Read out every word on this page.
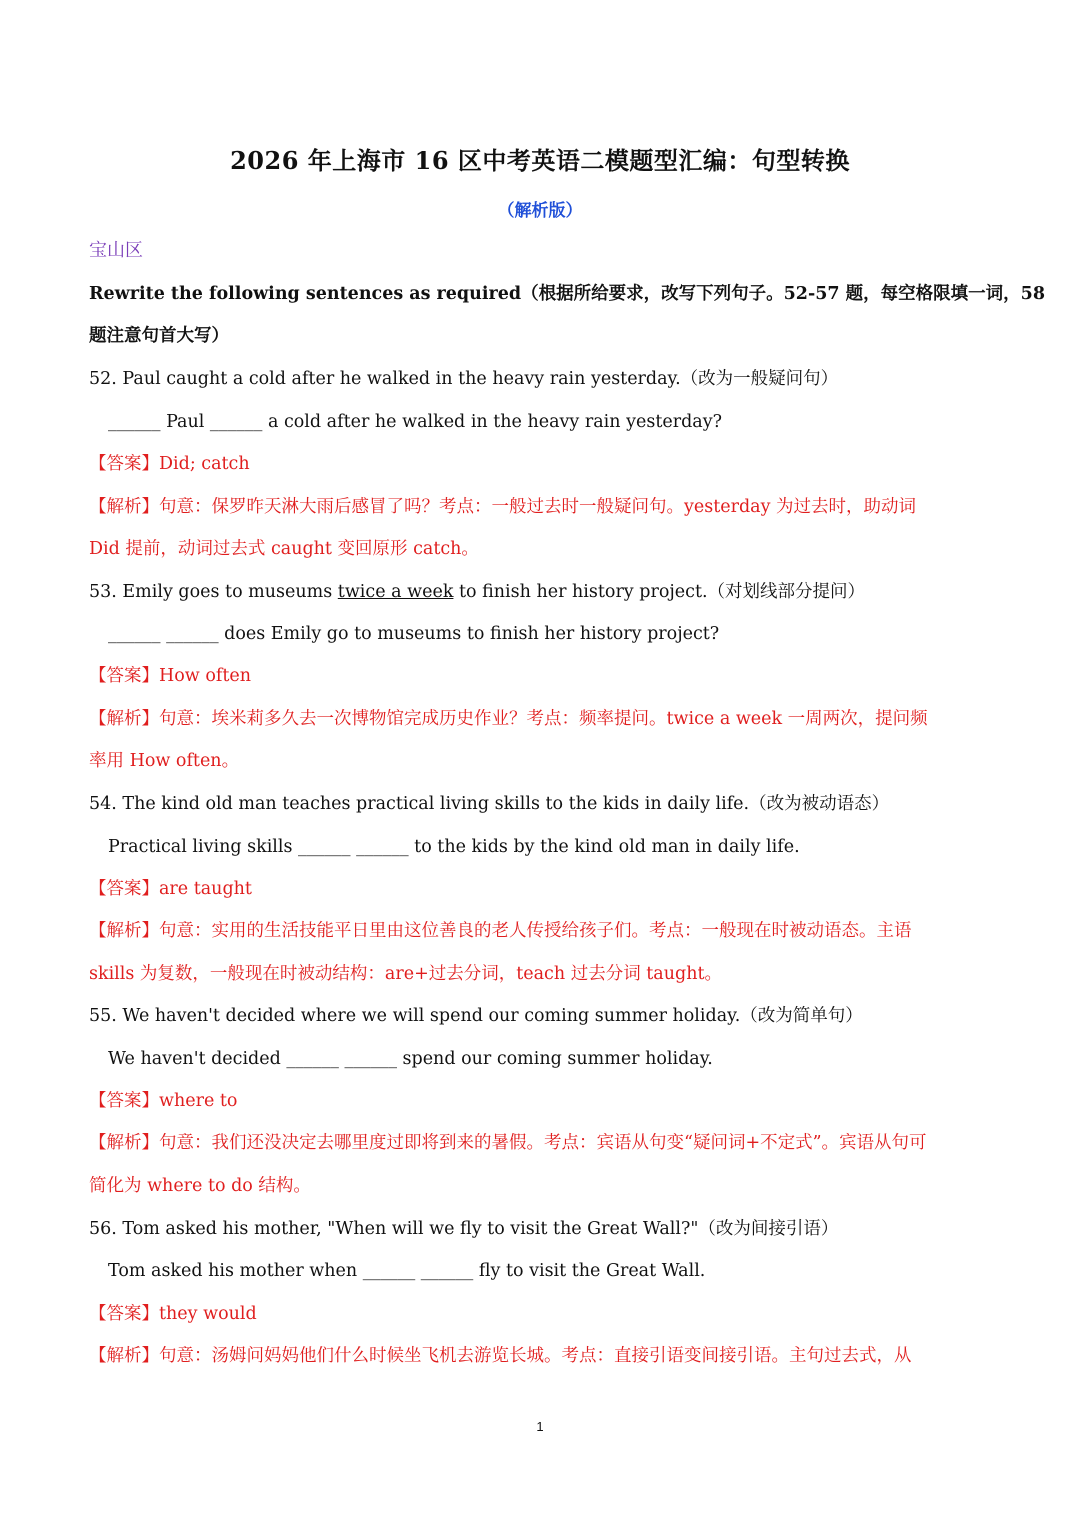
2026 年上海市 16 区中考英语二模题型汇编：句型转换
（解析版）
宝山区
Rewrite the following sentences as required（根据所给要求，改写下列句子。52-57 题，每空格限填一词，58
题注意句首大写）
52. Paul caught a cold after he walked in the heavy rain yesterday.（改为一般疑问句）
______ Paul ______ a cold after he walked in the heavy rain yesterday?
【答案】Did; catch
【解析】句意：保罗昨天淋大雨后感冒了吗？考点：一般过去时一般疑问句。yesterday 为过去时，助动词
Did 提前，动词过去式 caught 变回原形 catch。
53. Emily goes to museums twice a week to finish her history project.（对划线部分提问）
______ ______ does Emily go to museums to finish her history project?
【答案】How often
【解析】句意：埃米莉多久去一次博物馆完成历史作业？考点：频率提问。twice a week 一周两次，提问频
率用 How often。
54. The kind old man teaches practical living skills to the kids in daily life.（改为被动语态）
Practical living skills ______ ______ to the kids by the kind old man in daily life.
【答案】are taught
【解析】句意：实用的生活技能平日里由这位善良的老人传授给孩子们。考点：一般现在时被动语态。主语
skills 为复数，一般现在时被动结构：are+过去分词，teach 过去分词 taught。
55. We haven't decided where we will spend our coming summer holiday.（改为简单句）
We haven't decided ______ ______ spend our coming summer holiday.
【答案】where to
【解析】句意：我们还没决定去哪里度过即将到来的暑假。考点：宾语从句变“疑问词+不定式”。宾语从句可
简化为 where to do 结构。
56. Tom asked his mother, "When will we fly to visit the Great Wall?"（改为间接引语）
Tom asked his mother when ______ ______ fly to visit the Great Wall.
【答案】they would
【解析】句意：汤姆问妈妈他们什么时候坐飞机去游览长城。考点：直接引语变间接引语。主句过去式，从
1
